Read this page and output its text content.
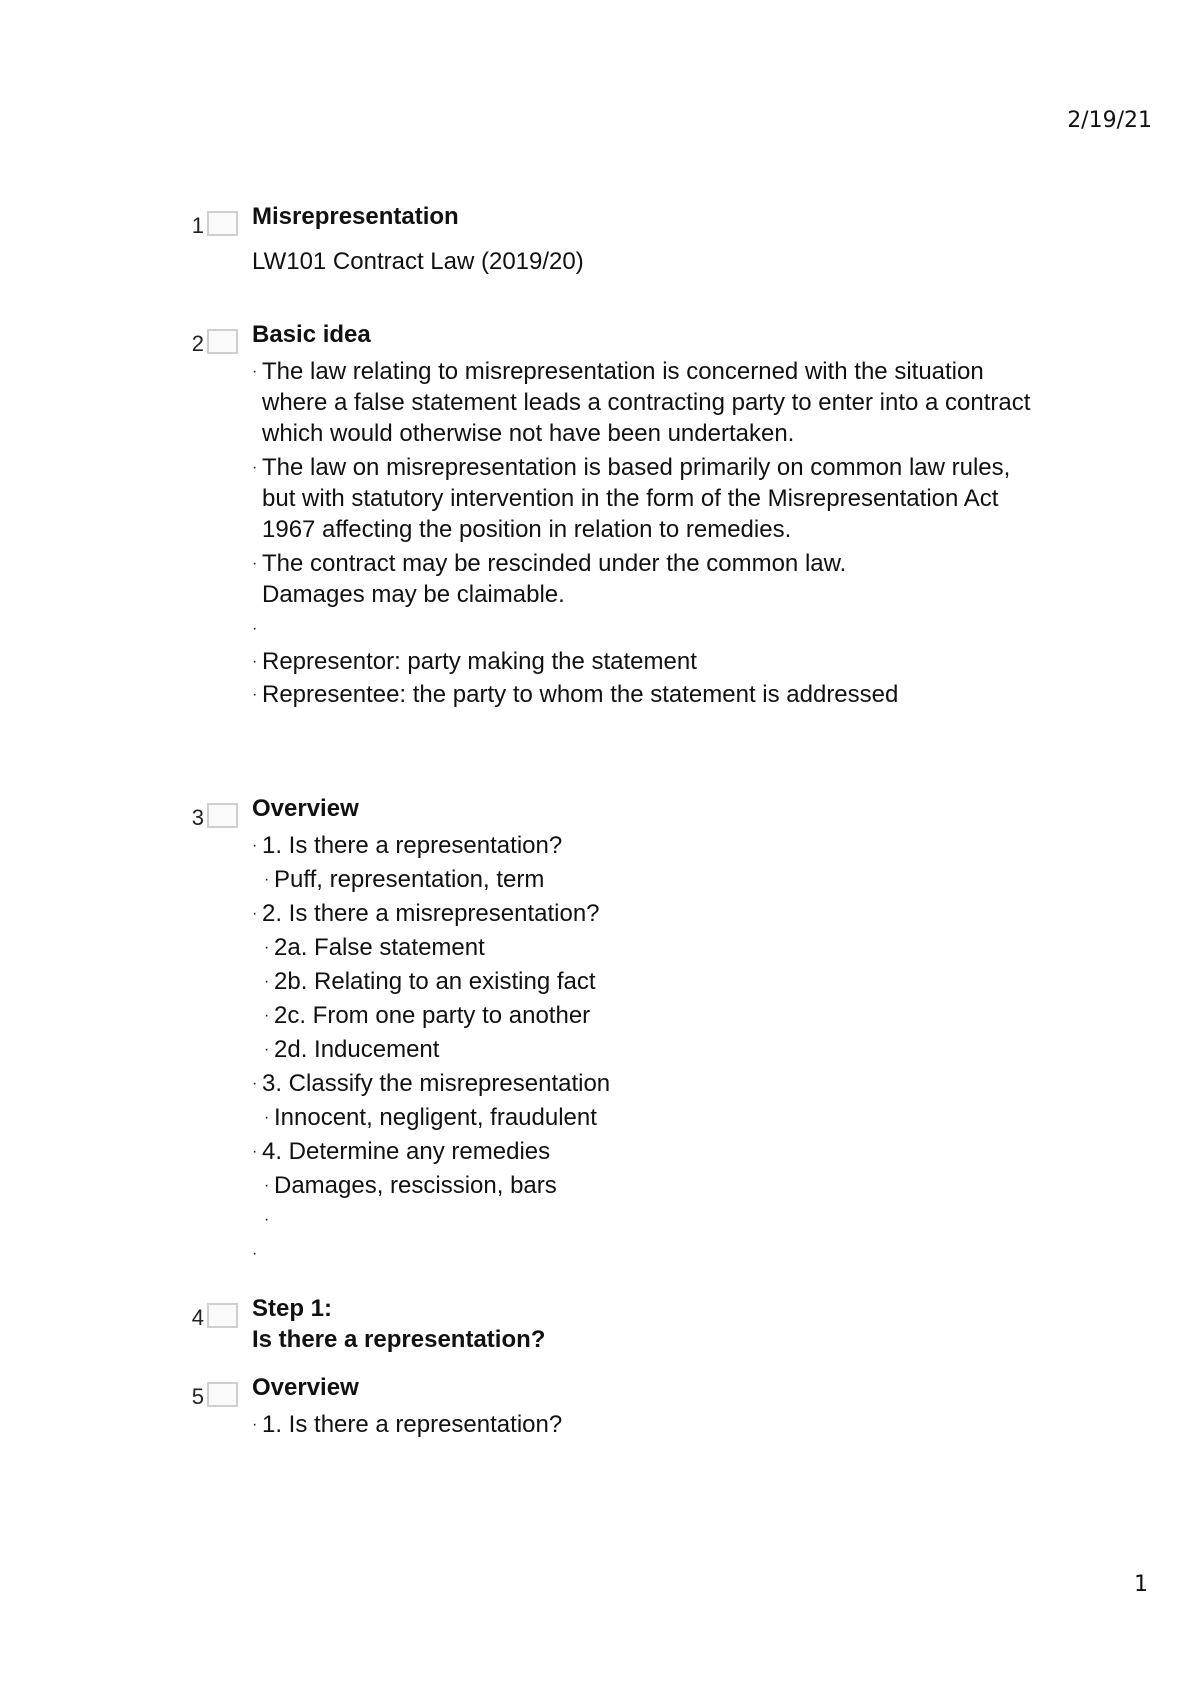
2/19/21
1 Misrepresentation
LW101 Contract Law (2019/20)
2 Basic idea
· The law relating to misrepresentation is concerned with the situation where a false statement leads a contracting party to enter into a contract which would otherwise not have been undertaken.
· The law on misrepresentation is based primarily on common law rules, but with statutory intervention in the form of the Misrepresentation Act 1967 affecting the position in relation to remedies.
· The contract may be rescinded under the common law. Damages may be claimable.
·

· Representor: party making the statement
· Representee: the party to whom the statement is addressed
3 Overview
· 1. Is there a representation?
· Puff, representation, term
· 2. Is there a misrepresentation?
· 2a. False statement
· 2b. Relating to an existing fact
· 2c. From one party to another
· 2d. Inducement
· 3. Classify the misrepresentation
· Innocent, negligent, fraudulent
· 4. Determine any remedies
· Damages, rescission, bars
·

·

4 Step 1:
Is there a representation?
5 Overview
· 1. Is there a representation?
1
